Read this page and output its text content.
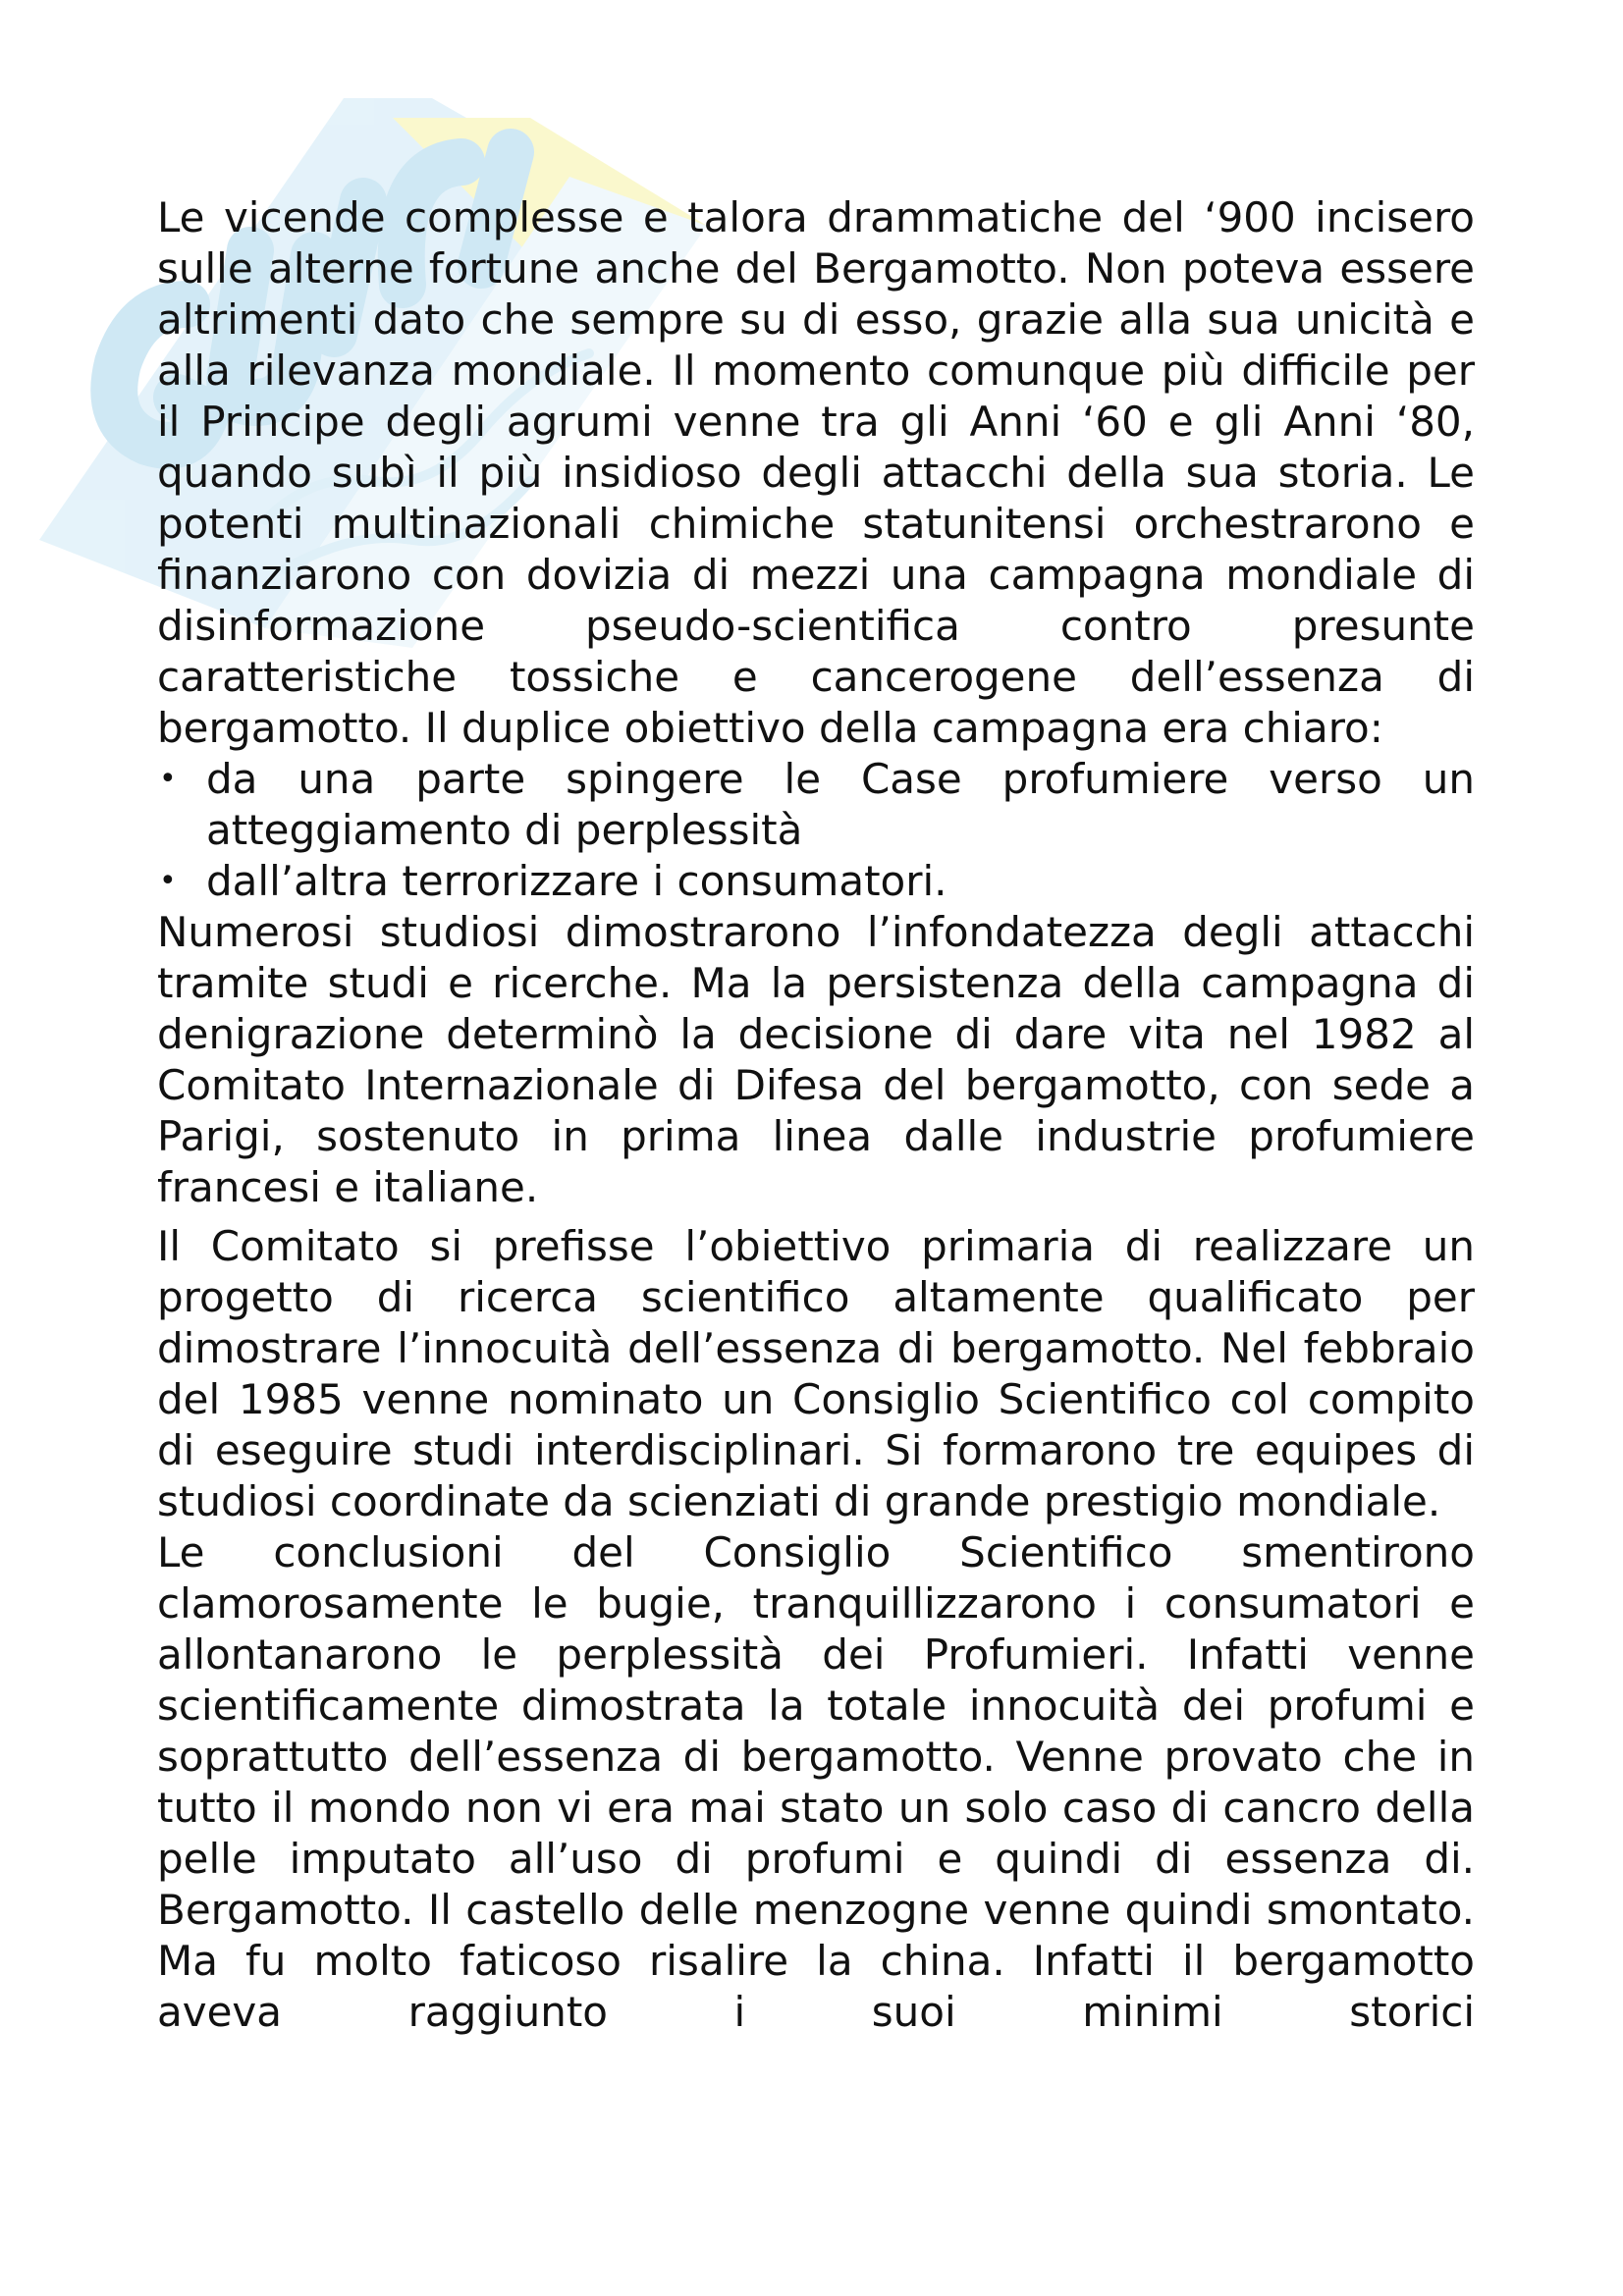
Le vicende complesse e talora drammatiche del ‘900 incisero sulle alterne fortune anche del Bergamotto. Non poteva essere altrimenti dato che sempre su di esso, grazie alla sua unicità e alla rilevanza mondiale. Il momento comunque più difficile per il Principe degli agrumi venne tra gli Anni ‘60 e gli Anni ‘80, quando subì il più insidioso degli attacchi della sua storia. Le potenti multinazionali chimiche statunitensi orchestrarono e finanziarono con dovizia di mezzi una campagna mondiale di disinformazione pseudo-scientifica contro presunte caratteristiche tossiche e cancerogene dell’essenza di bergamotto. Il duplice obiettivo della campagna era chiaro:

• da una parte spingere le Case profumiere verso un atteggiamento di perplessità
• dall’altra terrorizzare i consumatori.

Numerosi studiosi dimostrarono l’infondatezza degli attacchi tramite studi e ricerche. Ma la persistenza della campagna di denigrazione determinò la decisione di dare vita nel 1982 al Comitato Internazionale di Difesa del bergamotto, con sede a Parigi, sostenuto in prima linea dalle industrie profumiere francesi e italiane.

Il Comitato si prefisse l’obiettivo primaria di realizzare un progetto di ricerca scientifico altamente qualificato per dimostrare l’innocuità dell’essenza di bergamotto. Nel febbraio del 1985 venne nominato un Consiglio Scientifico col compito di eseguire studi interdisciplinari. Si formarono tre equipes di studiosi coordinate da scienziati di grande prestigio mondiale.

Le conclusioni del Consiglio Scientifico smentirono clamorosamente le bugie, tranquillizzarono i consumatori e allontanarono le perplessità dei Profumieri. Infatti venne scientificamente dimostrata la totale innocuità dei profumi e soprattutto dell’essenza di bergamotto. Venne provato che in tutto il mondo non vi era mai stato un solo caso di cancro della pelle imputato all’uso di profumi e quindi di essenza di. Bergamotto. Il castello delle menzogne venne quindi smontato. Ma fu molto faticoso risalire la china. Infatti il bergamotto aveva raggiunto i suoi minimi storici
